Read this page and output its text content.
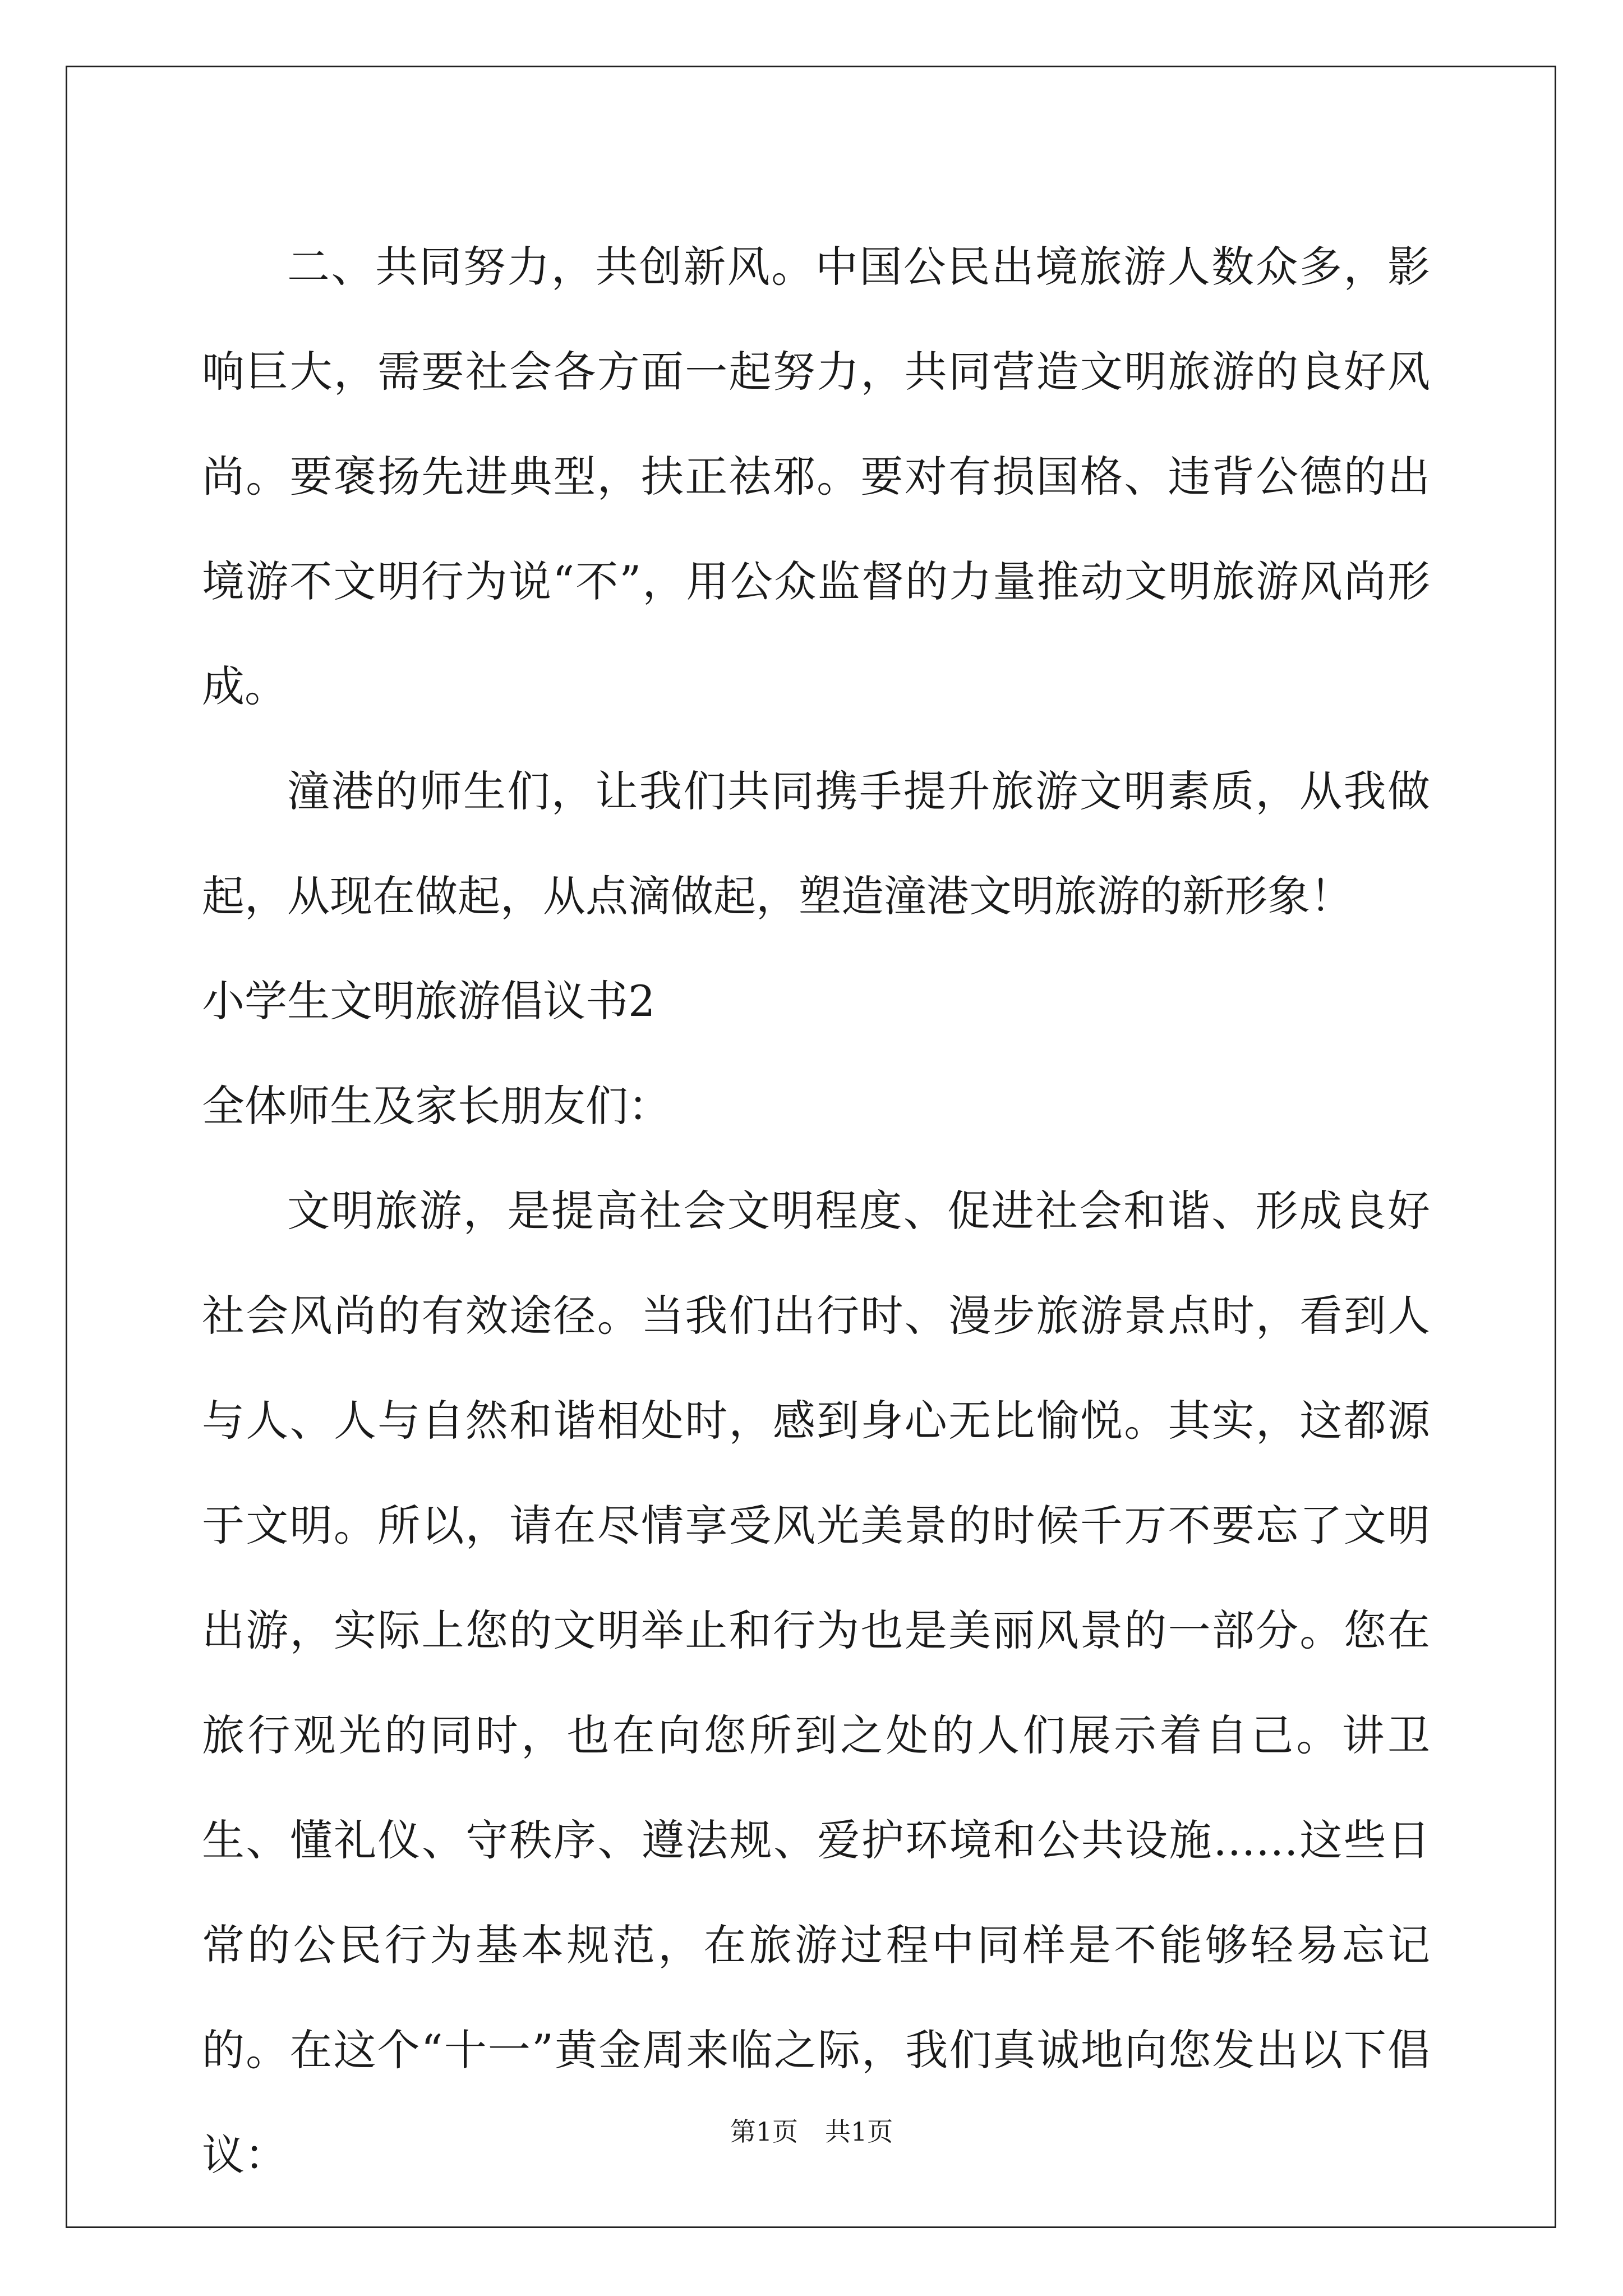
二、共同努力，共创新风。中国公民出境旅游人数众多，影响巨大，需要社会各方面一起努力，共同营造文明旅游的良好风尚。要褒扬先进典型，扶正祛邪。要对有损国格、违背公德的出境游不文明行为说“不”，用公众监督的力量推动文明旅游风尚形成。

潼港的师生们，让我们共同携手提升旅游文明素质，从我做起，从现在做起，从点滴做起，塑造潼港文明旅游的新形象！

小学生文明旅游倡议书2

全体师生及家长朋友们：

文明旅游，是提高社会文明程度、促进社会和谐、形成良好社会风尚的有效途径。当我们出行时、漫步旅游景点时，看到人与人、人与自然和谐相处时，感到身心无比愉悦。其实，这都源于文明。所以，请在尽情享受风光美景的时候千万不要忘了文明出游，实际上您的文明举止和行为也是美丽风景的一部分。您在旅行观光的同时，也在向您所到之处的人们展示着自己。讲卫生、懂礼仪、守秩序、遵法规、爱护环境和公共设施……这些日常的公民行为基本规范，在旅游过程中同样是不能够轻易忘记的。在这个“十一”黄金周来临之际，我们真诚地向您发出以下倡议：	第1页 共1页
